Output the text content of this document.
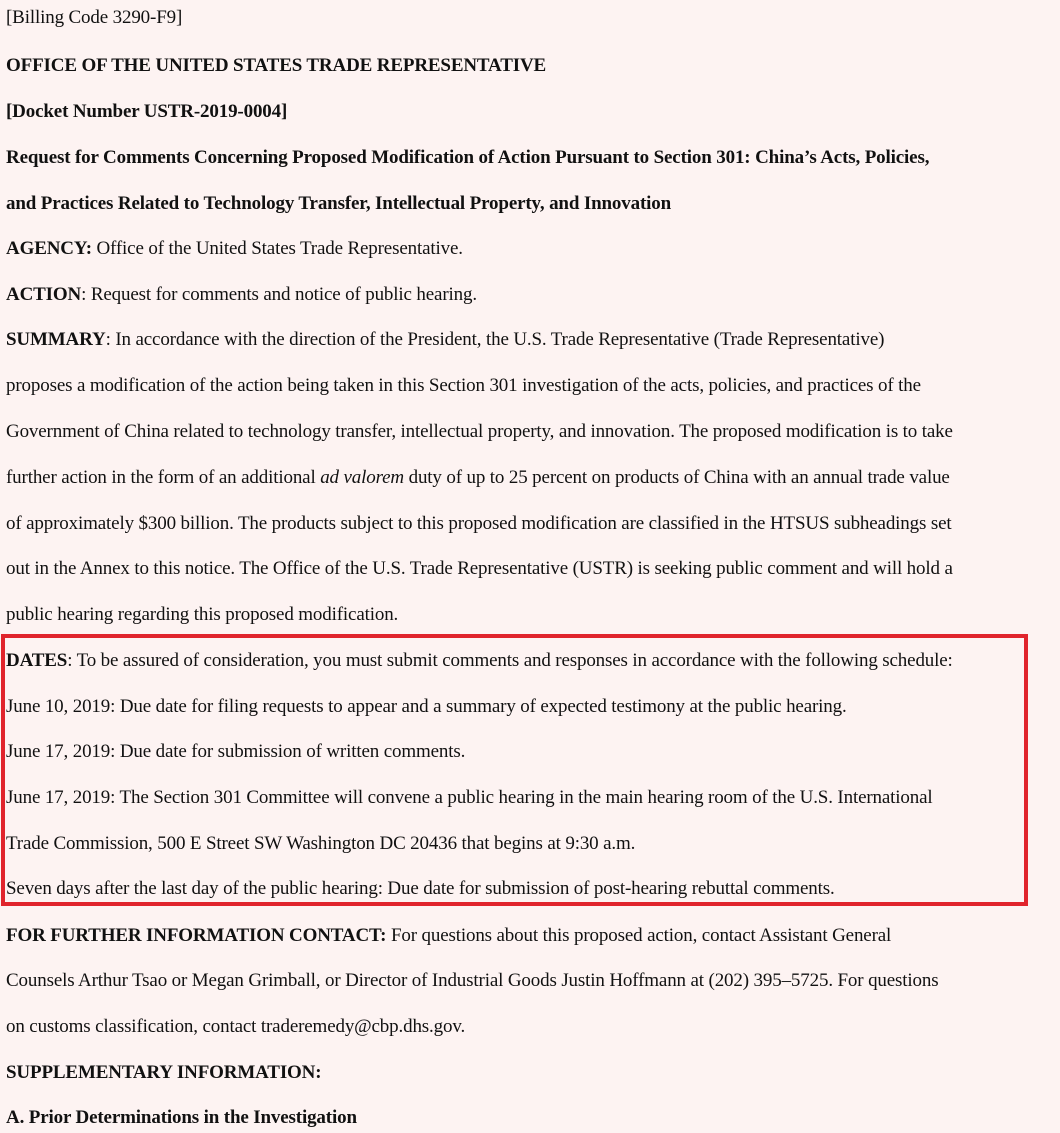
[Billing Code 3290-F9]
OFFICE OF THE UNITED STATES TRADE REPRESENTATIVE
[Docket Number USTR-2019-0004]
Request for Comments Concerning Proposed Modification of Action Pursuant to Section 301: China’s Acts, Policies,
and Practices Related to Technology Transfer, Intellectual Property, and Innovation
AGENCY: Office of the United States Trade Representative.
ACTION: Request for comments and notice of public hearing.
SUMMARY: In accordance with the direction of the President, the U.S. Trade Representative (Trade Representative)
proposes a modification of the action being taken in this Section 301 investigation of the acts, policies, and practices of the
Government of China related to technology transfer, intellectual property, and innovation. The proposed modification is to take
further action in the form of an additional ad valorem duty of up to 25 percent on products of China with an annual trade value
of approximately $300 billion. The products subject to this proposed modification are classified in the HTSUS subheadings set
out in the Annex to this notice. The Office of the U.S. Trade Representative (USTR) is seeking public comment and will hold a
public hearing regarding this proposed modification.
DATES: To be assured of consideration, you must submit comments and responses in accordance with the following schedule:
June 10, 2019: Due date for filing requests to appear and a summary of expected testimony at the public hearing.
June 17, 2019: Due date for submission of written comments.
June 17, 2019: The Section 301 Committee will convene a public hearing in the main hearing room of the U.S. International
Trade Commission, 500 E Street SW Washington DC 20436 that begins at 9:30 a.m.
Seven days after the last day of the public hearing: Due date for submission of post-hearing rebuttal comments.
FOR FURTHER INFORMATION CONTACT: For questions about this proposed action, contact Assistant General
Counsels Arthur Tsao or Megan Grimball, or Director of Industrial Goods Justin Hoffmann at (202) 395–5725. For questions
on customs classification, contact traderemedy@cbp.dhs.gov.
SUPPLEMENTARY INFORMATION:
A. Prior Determinations in the Investigation
